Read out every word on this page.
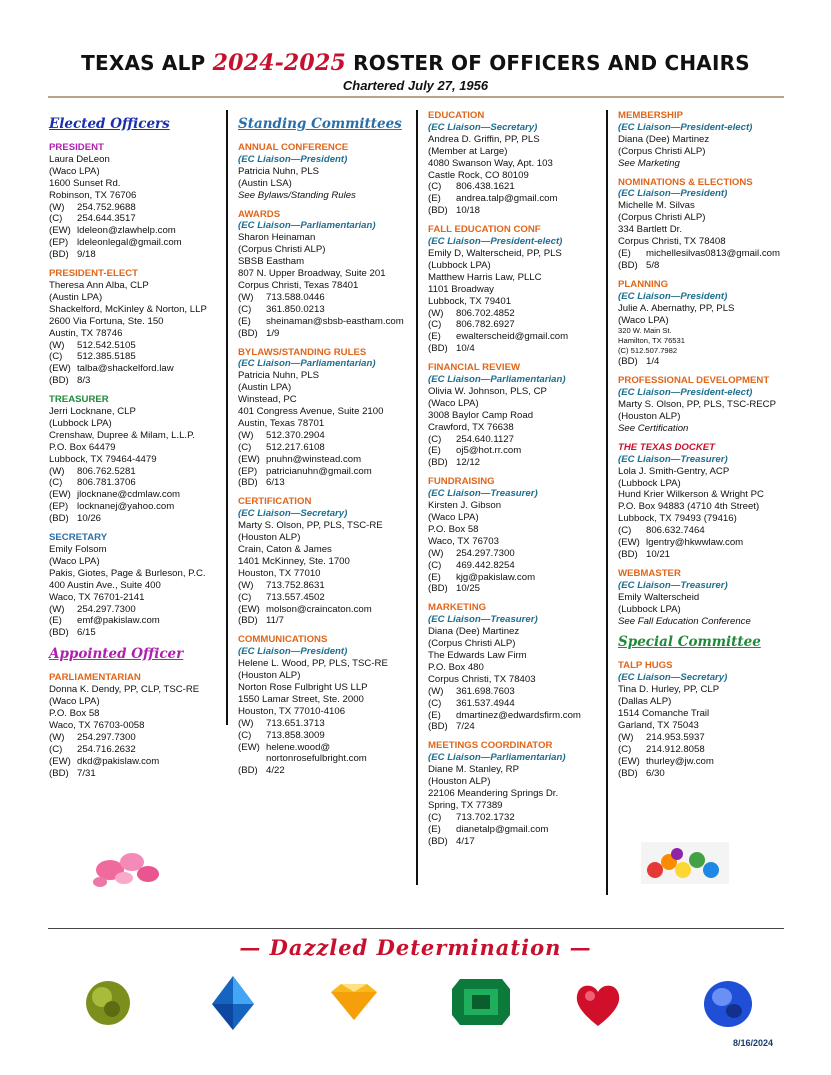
TEXAS ALP 2024-2025 ROSTER OF OFFICERS AND CHAIRS
Chartered July 27, 1956
Elected Officers
PRESIDENT
Laura DeLeon
(Waco LPA)
1600 Sunset Rd.
Robinson, TX 76706
(W) 254.752.9688
(C) 254.644.3517
(EW) ldeleon@zlawhelp.com
(EP) ldeleonlegal@gmail.com
(BD) 9/18
PRESIDENT-ELECT
Theresa Ann Alba, CLP
(Austin LPA)
Shackelford, McKinley & Norton, LLP
2600 Via Fortuna, Ste. 150
Austin, TX 78746
(W) 512.542.5105
(C) 512.385.5185
(EW) talba@shackelford.law
(BD) 8/3
TREASURER
Jerri Locknane, CLP
(Lubbock LPA)
Crenshaw, Dupree & Milam, L.L.P.
P.O. Box 64479
Lubbock, TX 79464-4479
(W) 806.762.5281
(C) 806.781.3706
(EW) jlocknane@cdmlaw.com
(EP) locknanej@yahoo.com
(BD) 10/26
SECRETARY
Emily Folsom
(Waco LPA)
Pakis, Giotes, Page & Burleson, P.C.
400 Austin Ave., Suite 400
Waco, TX 76701-2141
(W) 254.297.7300
(E) emf@pakislaw.com
(BD) 6/15
Appointed Officer
PARLIAMENTARIAN
Donna K. Dendy, PP, CLP, TSC-RE
(Waco LPA)
P.O. Box 58
Waco, TX 76703-0058
(W) 254.297.7300
(C) 254.716.2632
(EW) dkd@pakislaw.com
(BD) 7/31
Standing Committees
ANNUAL CONFERENCE
(EC Liaison—President)
Patricia Nuhn, PLS
(Austin LSA)
See Bylaws/Standing Rules
AWARDS
(EC Liaison—Parliamentarian)
Sharon Heinaman
(Corpus Christi ALP)
SBSB Eastham
807 N. Upper Broadway, Suite 201
Corpus Christi, Texas 78401
(W) 713.588.0446
(C) 361.850.0213
(E) sheinaman@sbsb-eastham.com
(BD) 1/9
BYLAWS/STANDING RULES
(EC Liaison—Parliamentarian)
Patricia Nuhn, PLS
(Austin LPA)
Winstead, PC
401 Congress Avenue, Suite 2100
Austin, Texas 78701
(W) 512.370.2904
(C) 512.217.6108
(EW) pnuhn@winstead.com
(EP) patricianuhn@gmail.com
(BD) 6/13
CERTIFICATION
(EC Liaison—Secretary)
Marty S. Olson, PP, PLS, TSC-RE
(Houston ALP)
Crain, Caton & James
1401 McKinney, Ste. 1700
Houston, TX 77010
(W) 713.752.8631
(C) 713.557.4502
(EW) molson@craincaton.com
(BD) 11/7
COMMUNICATIONS
(EC Liaison—President)
Helene L. Wood, PP, PLS, TSC-RE
(Houston ALP)
Norton Rose Fulbright US LLP
1550 Lamar Street, Ste. 2000
Houston, TX 77010-4106
(W) 713.651.3713
(C) 713.858.3009
(EW) helene.wood@
nortonrosefulbright.com
(BD) 4/22
EDUCATION
(EC Liaison—Secretary)
Andrea D. Griffin, PP, PLS
(Member at Large)
4080 Swanson Way, Apt. 103
Castle Rock, CO 80109
(C) 806.438.1621
(E) andrea.talp@gmail.com
(BD) 10/18
FALL EDUCATION CONF
(EC Liaison—President-elect)
Emily D, Walterscheid, PP, PLS
(Lubbock LPA)
Matthew Harris Law, PLLC
1101 Broadway
Lubbock, TX 79401
(W) 806.702.4852
(C) 806.782.6927
(E) ewalterscheid@gmail.com
(BD) 10/4
FINANCIAL REVIEW
(EC Liaison—Parliamentarian)
Olivia W. Johnson, PLS, CP
(Waco LPA)
3008 Baylor Camp Road
Crawford, TX 76638
(C) 254.640.1127
(E) oj5@hot.rr.com
(BD) 12/12
FUNDRAISING
(EC Liaison—Treasurer)
Kirsten J. Gibson
(Waco LPA)
P.O. Box 58
Waco, TX 76703
(W) 254.297.7300
(C) 469.442.8254
(E) kjg@pakislaw.com
(BD) 10/25
MARKETING
(EC Liaison—Treasurer)
Diana (Dee) Martinez
(Corpus Christi ALP)
The Edwards Law Firm
P.O. Box 480
Corpus Christi, TX 78403
(W) 361.698.7603
(C) 361.537.4944
(E) dmartinez@edwardsfirm.com
(BD) 7/24
MEETINGS COORDINATOR
(EC Liaison—Parliamentarian)
Diane M. Stanley, RP
(Houston ALP)
22106 Meandering Springs Dr.
Spring, TX 77389
(C) 713.702.1732
(E) dianetalp@gmail.com
(BD) 4/17
MEMBERSHIP
(EC Liaison—President-elect)
Diana (Dee) Martinez
(Corpus Christi ALP)
See Marketing
NOMINATIONS & ELECTIONS
(EC Liaison—President)
Michelle M. Silvas
(Corpus Christi ALP)
334 Bartlett Dr.
Corpus Christi, TX 78408
(E) michellesilvas0813@gmail.com
(BD) 5/8
PLANNING
(EC Liaison—President)
Julie A. Abernathy, PP, PLS
(Waco LPA)
320 W. Main St.
Hamilton, TX 76531
(C) 512.507.7982
(BD) 1/4
PROFESSIONAL DEVELOPMENT
(EC Liaison—President-elect)
Marty S. Olson, PP, PLS, TSC-RECP
(Houston ALP)
See Certification
THE TEXAS DOCKET
(EC Liaison—Treasurer)
Lola J. Smith-Gentry, ACP
(Lubbock LPA)
Hund Krier Wilkerson & Wright PC
P.O. Box 94883 (4710 4th Street)
Lubbock, TX 79493 (79416)
(C) 806.632.7464
(EW) lgentry@hkwwlaw.com
(BD) 10/21
WEBMASTER
(EC Liaison—Treasurer)
Emily Walterscheid
(Lubbock LPA)
See Fall Education Conference
Special Committee
TALP HUGS
(EC Liaison—Secretary)
Tina D. Hurley, PP, CLP
(Dallas ALP)
1514 Comanche Trail
Garland, TX 75043
(W) 214.953.5937
(C) 214.912.8058
(EW) thurley@jw.com
(BD) 6/30
— Dazzled Determination —
8/16/2024
